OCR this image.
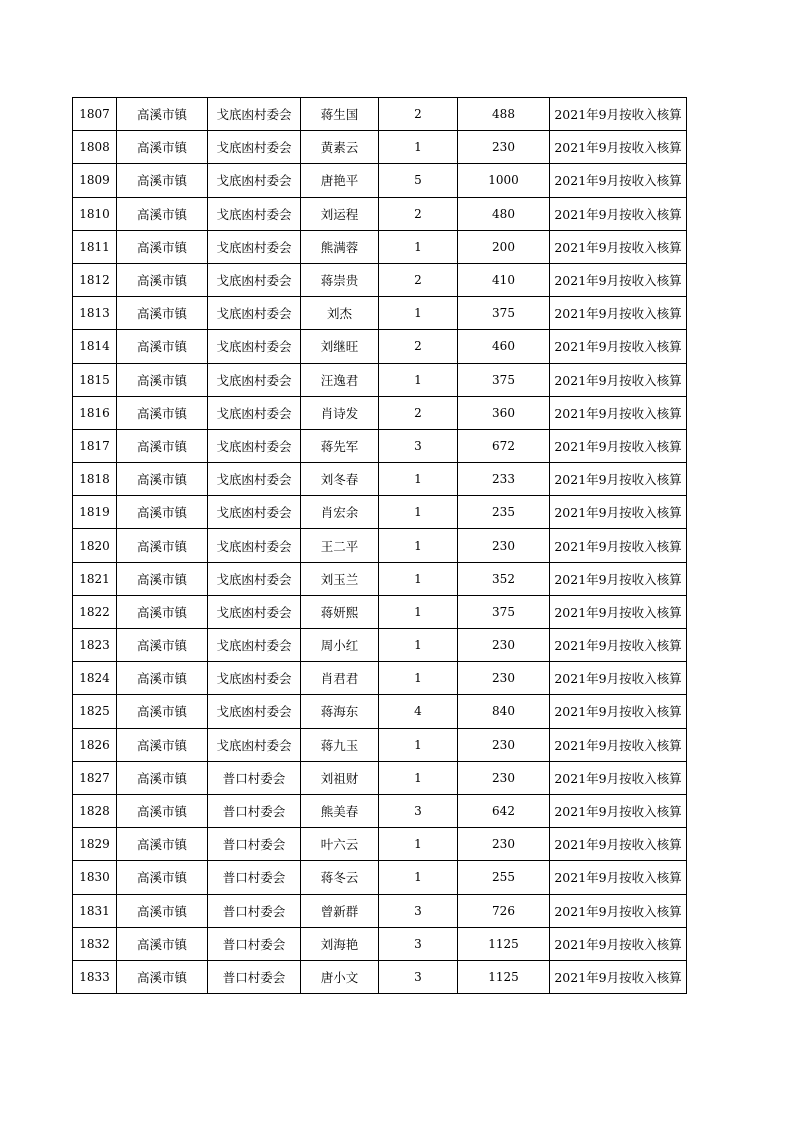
1807	高溪市镇	戈底凼村委会	蒋生国	2	488	2021年9月按收入核算
1808	高溪市镇	戈底凼村委会	黄素云	1	230	2021年9月按收入核算
1809	高溪市镇	戈底凼村委会	唐艳平	5	1000	2021年9月按收入核算
1810	高溪市镇	戈底凼村委会	刘运程	2	480	2021年9月按收入核算
1811	高溪市镇	戈底凼村委会	熊满蓉	1	200	2021年9月按收入核算
1812	高溪市镇	戈底凼村委会	蒋崇贵	2	410	2021年9月按收入核算
1813	高溪市镇	戈底凼村委会	刘杰	1	375	2021年9月按收入核算
1814	高溪市镇	戈底凼村委会	刘继旺	2	460	2021年9月按收入核算
1815	高溪市镇	戈底凼村委会	汪逸君	1	375	2021年9月按收入核算
1816	高溪市镇	戈底凼村委会	肖诗发	2	360	2021年9月按收入核算
1817	高溪市镇	戈底凼村委会	蒋先军	3	672	2021年9月按收入核算
1818	高溪市镇	戈底凼村委会	刘冬春	1	233	2021年9月按收入核算
1819	高溪市镇	戈底凼村委会	肖宏余	1	235	2021年9月按收入核算
1820	高溪市镇	戈底凼村委会	王二平	1	230	2021年9月按收入核算
1821	高溪市镇	戈底凼村委会	刘玉兰	1	352	2021年9月按收入核算
1822	高溪市镇	戈底凼村委会	蒋妍熙	1	375	2021年9月按收入核算
1823	高溪市镇	戈底凼村委会	周小红	1	230	2021年9月按收入核算
1824	高溪市镇	戈底凼村委会	肖君君	1	230	2021年9月按收入核算
1825	高溪市镇	戈底凼村委会	蒋海东	4	840	2021年9月按收入核算
1826	高溪市镇	戈底凼村委会	蒋九玉	1	230	2021年9月按收入核算
1827	高溪市镇	普口村委会	刘祖财	1	230	2021年9月按收入核算
1828	高溪市镇	普口村委会	熊美春	3	642	2021年9月按收入核算
1829	高溪市镇	普口村委会	叶六云	1	230	2021年9月按收入核算
1830	高溪市镇	普口村委会	蒋冬云	1	255	2021年9月按收入核算
1831	高溪市镇	普口村委会	曾新群	3	726	2021年9月按收入核算
1832	高溪市镇	普口村委会	刘海艳	3	1125	2021年9月按收入核算
1833	高溪市镇	普口村委会	唐小文	3	1125	2021年9月按收入核算
